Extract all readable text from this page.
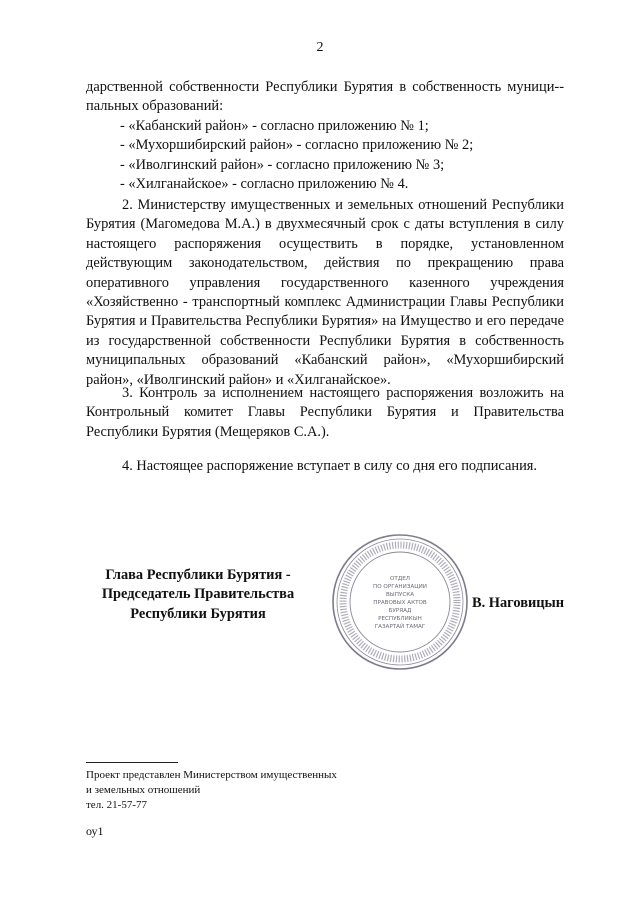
2

дарственной собственности Республики Бурятия в собственность муници-пальных образований:

- «Кабанский район» - согласно приложению № 1;

- «Мухоршибирский район» - согласно приложению № 2;

- «Иволгинский район» - согласно приложению № 3;

- «Хилганайское» - согласно приложению № 4.

2. Министерству имущественных и земельных отношений Республики Бурятия (Магомедова М.А.) в двухмесячный срок с даты вступления в силу настоящего распоряжения осуществить в порядке, установленном действующим законодательством, действия по прекращению права оперативного управления государственного казенного учреждения «Хозяйственно - транспортный комплекс Администрации Главы Республики Бурятия и Правительства Республики Бурятия» на Имущество и его передаче из государственной собственности Республики Бурятия в собственность муниципальных образований «Кабанский район», «Мухоршибирский район», «Иволгинский район» и «Хилганайское».

3. Контроль за исполнением настоящего распоряжения возложить на Контрольный комитет Главы Республики Бурятия и Правительства Республики Бурятия (Мещеряков С.А.).

4. Настоящее распоряжение вступает в силу со дня его подписания.

Глава Республики Бурятия -
Председатель Правительства
Республики Бурятия
ОТДЕЛ
ПО ОРГАНИЗАЦИИ
ВЫПУСКА
ПРАВОВЫХ АКТОВ
БУРЯАД
РЕСПУБЛИКЫН
ГАЗАРТАЙ ТАМАГ
В. Наговицын
Проект представлен Министерством имущественных
и земельных отношений
тел. 21-57-77
оу1
